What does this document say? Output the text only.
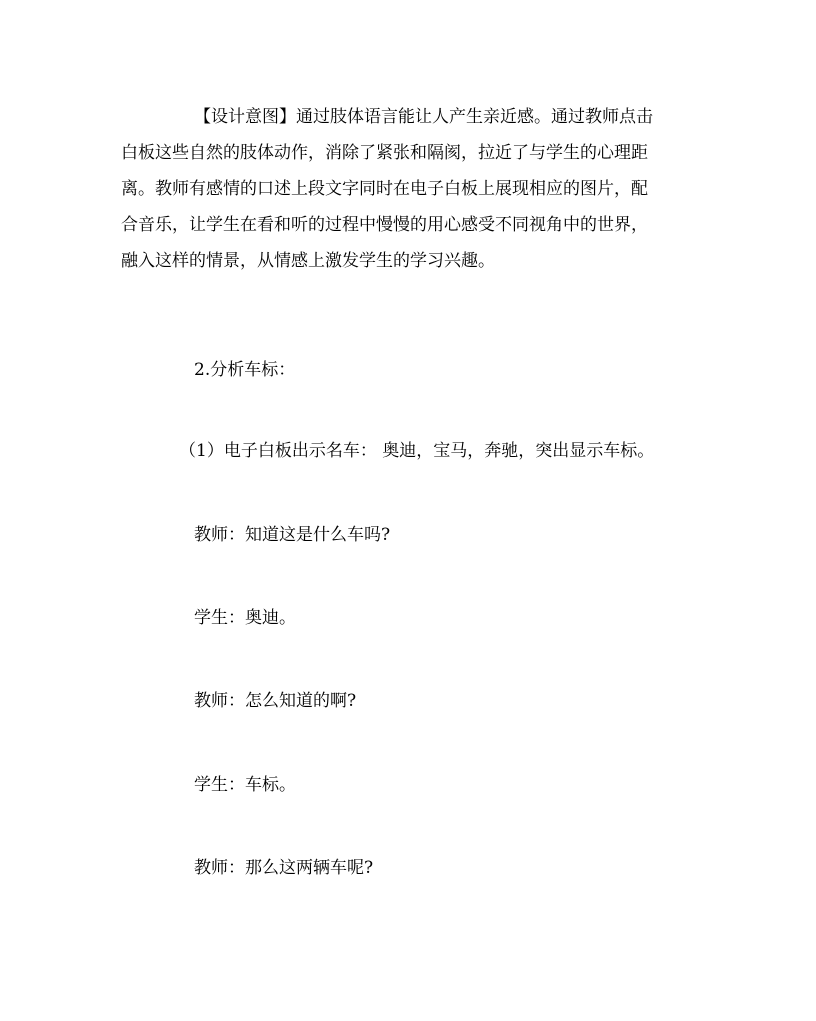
【设计意图】通过肢体语言能让人产生亲近感。通过教师点击
白板这些自然的肢体动作，消除了紧张和隔阂，拉近了与学生的心理距
离。教师有感情的口述上段文字同时在电子白板上展现相应的图片，配
合音乐，让学生在看和听的过程中慢慢的用心感受不同视角中的世界，
融入这样的情景，从情感上激发学生的学习兴趣。

2.分析车标：

（1）电子白板出示名车： 奥迪，宝马，奔驰，突出显示车标。

教师：知道这是什么车吗?

学生：奥迪。

教师：怎么知道的啊?

学生：车标。

教师：那么这两辆车呢?
